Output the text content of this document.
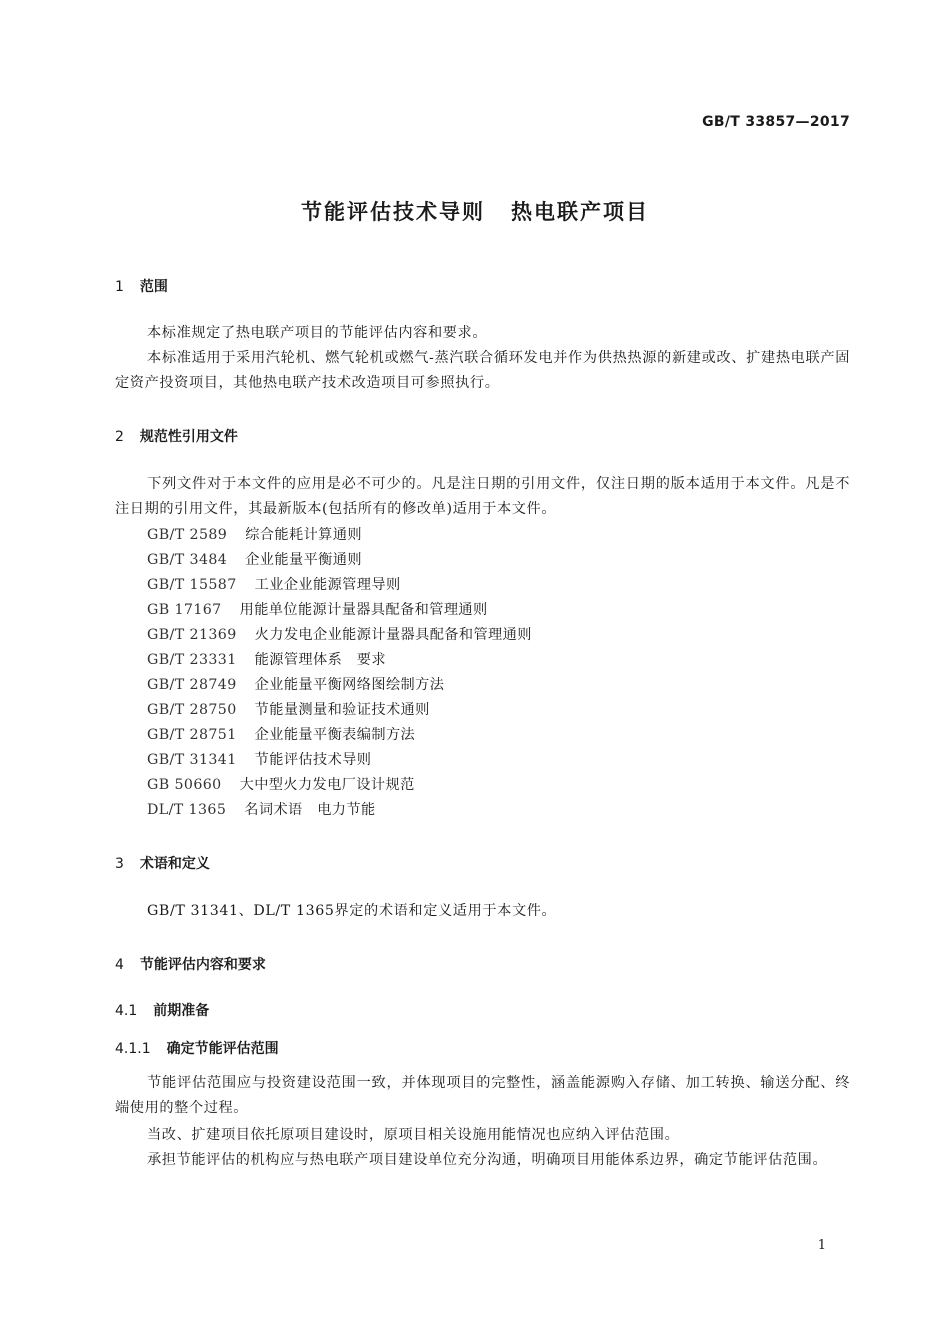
GB/T 33857—2017
节能评估技术导则 热电联产项目
1 范围
本标准规定了热电联产项目的节能评估内容和要求。
本标准适用于采用汽轮机、燃气轮机或燃气-蒸汽联合循环发电并作为供热热源的新建或改、扩建热电联产固定资产投资项目，其他热电联产技术改造项目可参照执行。
2 规范性引用文件
下列文件对于本文件的应用是必不可少的。凡是注日期的引用文件，仅注日期的版本适用于本文件。凡是不注日期的引用文件，其最新版本(包括所有的修改单)适用于本文件。
GB/T 2589 综合能耗计算通则
GB/T 3484 企业能量平衡通则
GB/T 15587 工业企业能源管理导则
GB 17167 用能单位能源计量器具配备和管理通则
GB/T 21369 火力发电企业能源计量器具配备和管理通则
GB/T 23331 能源管理体系　要求
GB/T 28749 企业能量平衡网络图绘制方法
GB/T 28750 节能量测量和验证技术通则
GB/T 28751 企业能量平衡表编制方法
GB/T 31341 节能评估技术导则
GB 50660 大中型火力发电厂设计规范
DL/T 1365 名词术语　电力节能
3 术语和定义
GB/T 31341、DL/T 1365界定的术语和定义适用于本文件。
4 节能评估内容和要求
4.1 前期准备
4.1.1 确定节能评估范围
节能评估范围应与投资建设范围一致，并体现项目的完整性，涵盖能源购入存储、加工转换、输送分配、终端使用的整个过程。
当改、扩建项目依托原项目建设时，原项目相关设施用能情况也应纳入评估范围。
承担节能评估的机构应与热电联产项目建设单位充分沟通，明确项目用能体系边界，确定节能评估范围。
1
